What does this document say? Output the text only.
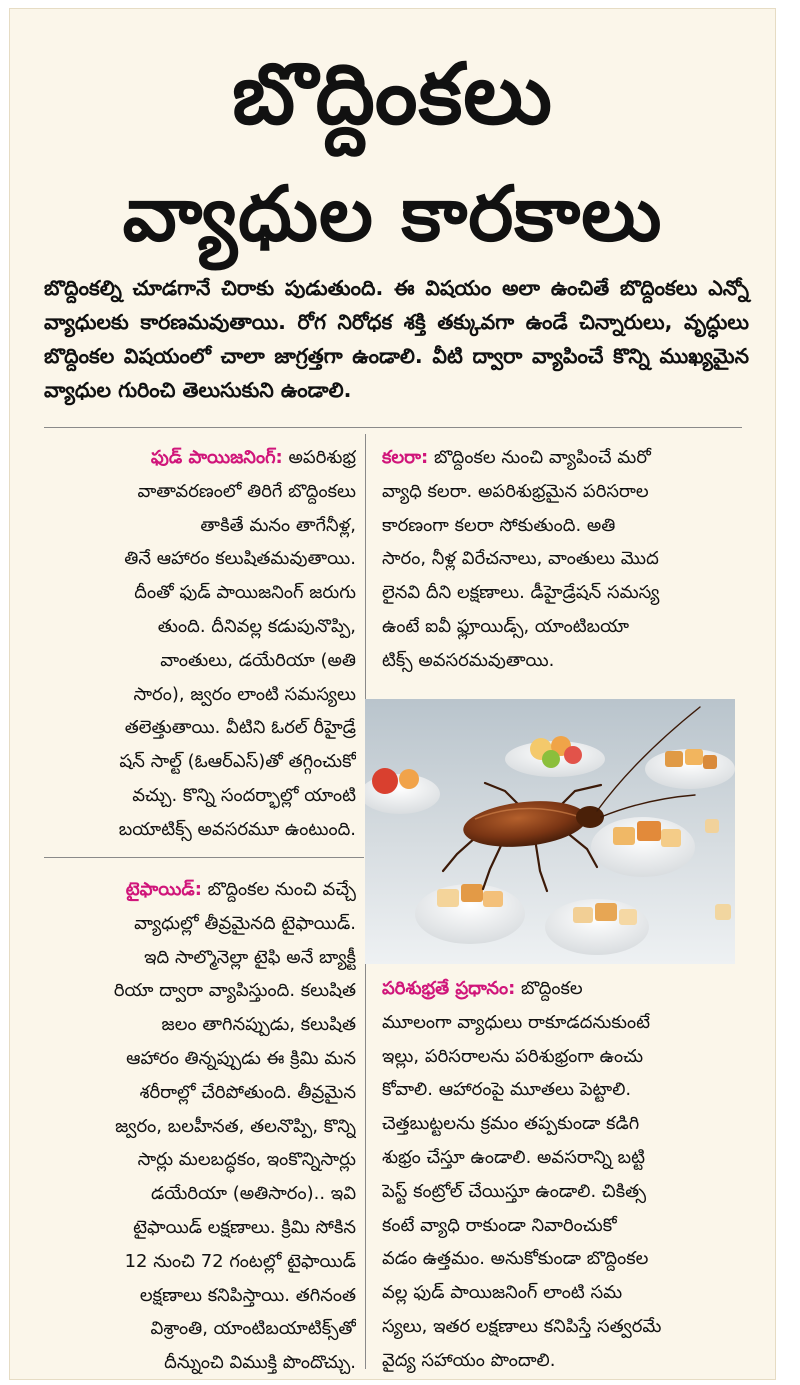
బొద్దింకలు
వ్యాధుల కారకాలు
బొద్దింకల్ని చూడగానే చిరాకు పుడుతుంది. ఈ విషయం అలా ఉంచితే బొద్దింకలు ఎన్నో వ్యాధులకు కారణమవుతాయి. రోగ నిరోధక శక్తి తక్కువగా ఉండే చిన్నారులు, వృద్ధులు బొద్దింకల విషయంలో చాలా జాగ్రత్తగా ఉండాలి. వీటి ద్వారా వ్యాపించే కొన్ని ముఖ్యమైన వ్యాధుల గురించి తెలుసుకుని ఉండాలి.
ఫుడ్ పాయిజనింగ్: అపరిశుభ్ర
వాతావరణంలో తిరిగే బొద్దింకలు
తాకితే మనం తాగేనీళ్ల,
తినే ఆహారం కలుషితమవుతాయి.
దీంతో ఫుడ్ పాయిజనింగ్ జరుగు
తుంది. దీనివల్ల కడుపునొప్పి,
వాంతులు, డయేరియా (అతి
సారం), జ్వరం లాంటి సమస్యలు
తలెత్తుతాయి. వీటిని ఓరల్ రీహైడ్రే
షన్ సాల్ట్ (ఓఆర్ఎస్)తో తగ్గించుకో
వచ్చు. కొన్ని సందర్భాల్లో యాంటి
బయాటిక్స్ అవసరమూ ఉంటుంది.
టైఫాయిడ్: బొద్దింకల నుంచి వచ్చే
వ్యాధుల్లో తీవ్రమైనది టైఫాయిడ్.
ఇది సాల్మొనెల్లా టైఫి అనే బ్యాక్టీ
రియా ద్వారా వ్యాపిస్తుంది. కలుషిత
జలం తాగినప్పుడు, కలుషిత
ఆహారం తిన్నప్పుడు ఈ క్రిమి మన
శరీరాల్లో చేరిపోతుంది. తీవ్రమైన
జ్వరం, బలహీనత, తలనొప్పి, కొన్ని
సార్లు మలబద్ధకం, ఇంకొన్నిసార్లు
డయేరియా (అతిసారం).. ఇవి
టైఫాయిడ్ లక్షణాలు. క్రిమి సోకిన
12 నుంచి 72 గంటల్లో టైఫాయిడ్
లక్షణాలు కనిపిస్తాయి. తగినంత
విశ్రాంతి, యాంటిబయాటిక్స్‌తో
దీన్నుంచి విముక్తి పొందొచ్చు.
కలరా: బొద్దింకల నుంచి వ్యాపించే మరో
వ్యాధి కలరా. అపరిశుభ్రమైన పరిసరాల
కారణంగా కలరా సోకుతుంది. అతి
సారం, నీళ్ల విరేచనాలు, వాంతులు మొద
లైనవి దీని లక్షణాలు. డీహైడ్రేషన్ సమస్య
ఉంటే ఐవీ ఫ్లూయిడ్స్, యాంటిబయా
టిక్స్ అవసరమవుతాయి.
పరిశుభ్రతే ప్రధానం: బొద్దింకల
మూలంగా వ్యాధులు రాకూడదనుకుంటే
ఇల్లు, పరిసరాలను పరిశుభ్రంగా ఉంచు
కోవాలి. ఆహారంపై మూతలు పెట్టాలి.
చెత్తబుట్టలను క్రమం తప్పకుండా కడిగి
శుభ్రం చేస్తూ ఉండాలి. అవసరాన్ని బట్టి
పెస్ట్ కంట్రోల్ చేయిస్తూ ఉండాలి. చికిత్స
కంటే వ్యాధి రాకుండా నివారించుకో
వడం ఉత్తమం. అనుకోకుండా బొద్దింకల
వల్ల ఫుడ్ పాయిజనింగ్ లాంటి సమ
స్యలు, ఇతర లక్షణాలు కనిపిస్తే సత్వరమే
వైద్య సహాయం పొందాలి.
